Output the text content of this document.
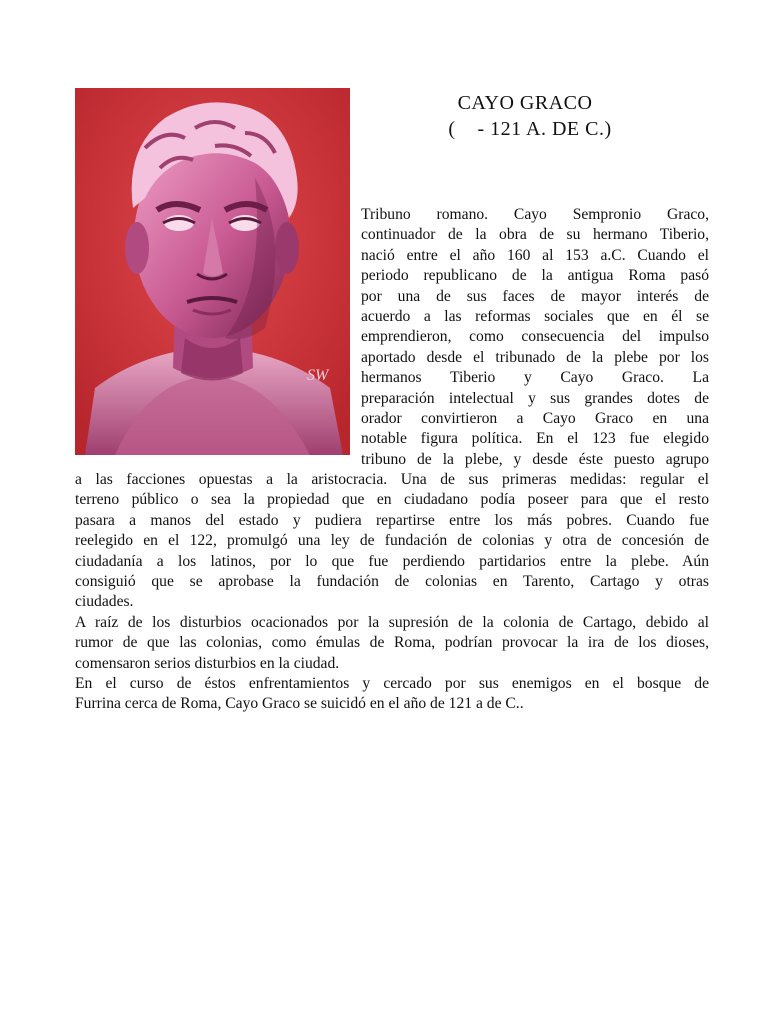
SW
CAYO GRACO
(    - 121 A. DE C.)
Tribuno romano. Cayo Sempronio Graco,
continuador de la obra de su hermano Tiberio,
nació entre el año 160 al 153 a.C. Cuando el
periodo republicano de la antigua Roma pasó
por una de sus faces de mayor interés de
acuerdo a las reformas sociales que en él se
emprendieron, como consecuencia del impulso
aportado desde el tribunado de la plebe por los
hermanos Tiberio y Cayo Graco. La
preparación intelectual y sus grandes dotes de
orador convirtieron a Cayo Graco en una
notable figura política. En el 123 fue elegido
tribuno de la plebe, y desde éste puesto agrupo
a las facciones opuestas a la aristocracia. Una de sus primeras medidas: regular el
terreno público o sea la propiedad que en ciudadano podía poseer para que el resto
pasara a manos del estado y pudiera repartirse entre los más pobres. Cuando fue
reelegido en el 122, promulgó una ley de fundación de colonias y otra de concesión de
ciudadanía a los latinos, por lo que fue perdiendo partidarios entre la plebe. Aún
consiguió que se aprobase la fundación de colonias en Tarento, Cartago y otras
ciudades.
A raíz de los disturbios ocacionados por la supresión de la colonia de Cartago, debido al
rumor de que las colonias, como émulas de Roma, podrían provocar la ira de los dioses,
comensaron serios disturbios en la ciudad.
En el curso de éstos enfrentamientos y cercado por sus enemigos en el bosque de
Furrina cerca de Roma, Cayo Graco se suicidó en el año de 121 a de C..
